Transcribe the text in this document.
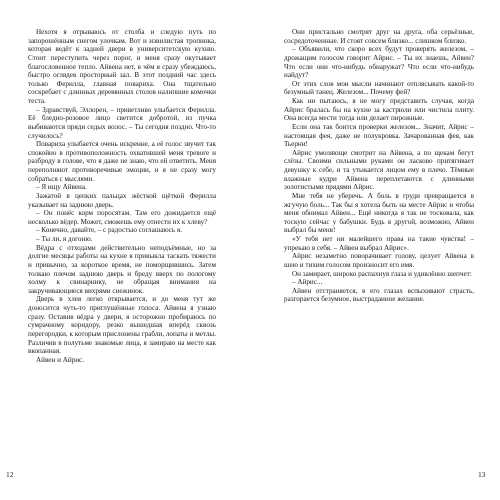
Нехотя я отрываюсь от столба и следую путь по запорошённым снегом улочкам. Вот и извилистая тропинка, которая ведёт к задней двери в университетскую кухню. Стоит переступить через порог, и меня сразу окутывает благословенное тепло. Айвена нет, в чём я сразу убеждаюсь, быстро оглядев просторный зал. В этот поздний час здесь только Ферилла, главная повариха. Она тщательно соскребает с длинных деревянных столов налипшие комочки теста.

– Здравствуй, Эллорен, – приветливо улыбается Ферилла. Её бледно-розовое лицо светится добротой, из пучка выбиваются пряди седых волос. – Ты сегодня поздно. Что-то случилось?

Повариха улыбается очень искренне, а её голос звучит так спокойно в противоположность охватившей меня тревоге и разброду в голове, что я даже не знаю, что ей ответить. Меня переполняют противоречивые эмоции, и я не сразу могу собраться с мыслями.

– Я ищу Айвена.

Зажатой в цепких пальцах жёсткой щёткой Ферилла указывает на заднюю дверь.

– Он понёс корм поросятам. Там его дожидается ещё несколько вёдер. Может, сможешь ему отнести их к хлеву?

– Конечно, давайте, – с радостью соглашаюсь я.

– Ты ли, я догоню.

Вёдра с отходами действительно неподъёмные, но за долгие месяцы работы на кухне я привыкла таскать тяжести и привычно, за короткое время, не поморщившись. Затем толкаю плечом заднюю дверь и бреду вверх по пологому холму к свинарнику, не обращая внимания на закручивающиеся вихрями снежинок.

Дверь в хлев легко открывается, и до меня тут же доносится чуть-то приглушённые голоса. Айвена я узнаю сразу. Оставив вёдра у двери, я осторожно пробираюсь по сумрачному коридору, резко вышедшая вперёд сквозь перегородки, к которым прислонены грабли, лопаты и метлы. Различив в полутьме знакомые лица, я замираю на месте как вкопанная.

Айвен и Айрис.

12

Они пристально смотрят друг на друга, оба серьёзные, сосредоточенные. И стоят совсем близко... слишком близко.

– Объявили, что скоро всех будут проверять железом, – дрожащим голосом говорит Айрис. – Ты их знаешь, Айвен? Что если они что-нибудь обнаружат? Что если что-нибудь найдут?

От этих слов мои мысли начинают отплясывать какой-то безумный танец. Железом... Почему фей?

Как ни пытаюсь, я не могу представить случая, когда Айрис бралась бы на кухне за кастрюли или чистила плиту. Она всегда мести тогда или делает пирожные.

Если она так боится проверки железом... Значит, Айрис – настоящая фея, даже не полукровка. Зачарованная фея, как Тьерни!

Айрис умоляюще смотрит на Айвена, а по щекам бегут слёзы. Своими сильными руками он ласково притягивает девушку к себе, и та утыкается лицом ему в плечо. Тёмные влажные кудри Айвена переплетаются с длинными золотистыми прядями Айрис.

Мне тебя не уберечь. А боль в груди превращается в жгучую боль... Так бы я хотела быть на месте Айрис и чтобы меня обнимал Айвен... Ещё никогда я так не тосковала, как тоскую сейчас у бабушки. Будь я другой, возможно, Айвен выбрал бы меня!

«У тебя нет ни малейшего права на такие чувства! – упрекаю я себя. – Айвен выбрал Айрис».

Айрис незаметно поворачивает голову, целует Айвена в шею и тихим голосом произносит его имя.

Он замирает, широко распахнув глаза и удивлённо шепчет:

– Айрис...

Айвен отстраняется, в его глазах вспыхивают страсть, разгорается безумное, выстраданное желание.

13
